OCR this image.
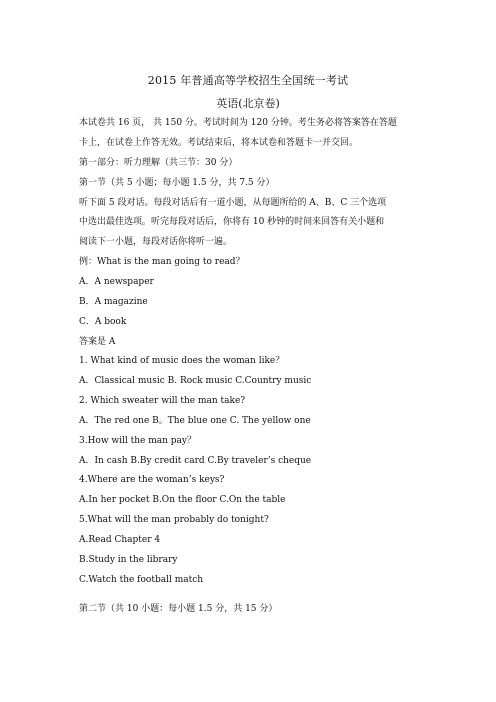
2015 年普通高等学校招生全国统一考试
英语(北京卷)
本试卷共 16 页， 共 150 分。考试时间为 120 分钟。考生务必将答案答在答题
卡上，在试卷上作答无效。考试结束后，将本试卷和答题卡一并交回。
第一部分：听力理解（共三节：30 分）
第一节（共 5 小题；每小题 1.5 分，共 7.5 分）
听下面 5 段对话。每段对话后有一道小题，从每题所给的 A、B、C 三个选项
中选出最佳选项。听完每段对话后，你将有 10 秒钟的时间来回答有关小题和
阅读下一小题，每段对话你将听一遍。
例：What is the man going to read？
A．A newspaper
B．A magazine
C．A book
答案是 A
1. What kind of music does the woman like？
A．Classical music B. Rock music C.Country music
2. Which sweater will the man take?
A．The red one B。The blue one C. The yellow one
3.How will the man pay？
A．In cash B.By credit card C.By traveler’s cheque
4.Where are the woman’s keys?
A.In her pocket B.On the floor C.On the table
5.What will the man probably do tonight?
A.Read Chapter 4
B.Study in the library
C.Watch the football match
第二节（共 10 小题：每小题 1.5 分，共 15 分）
